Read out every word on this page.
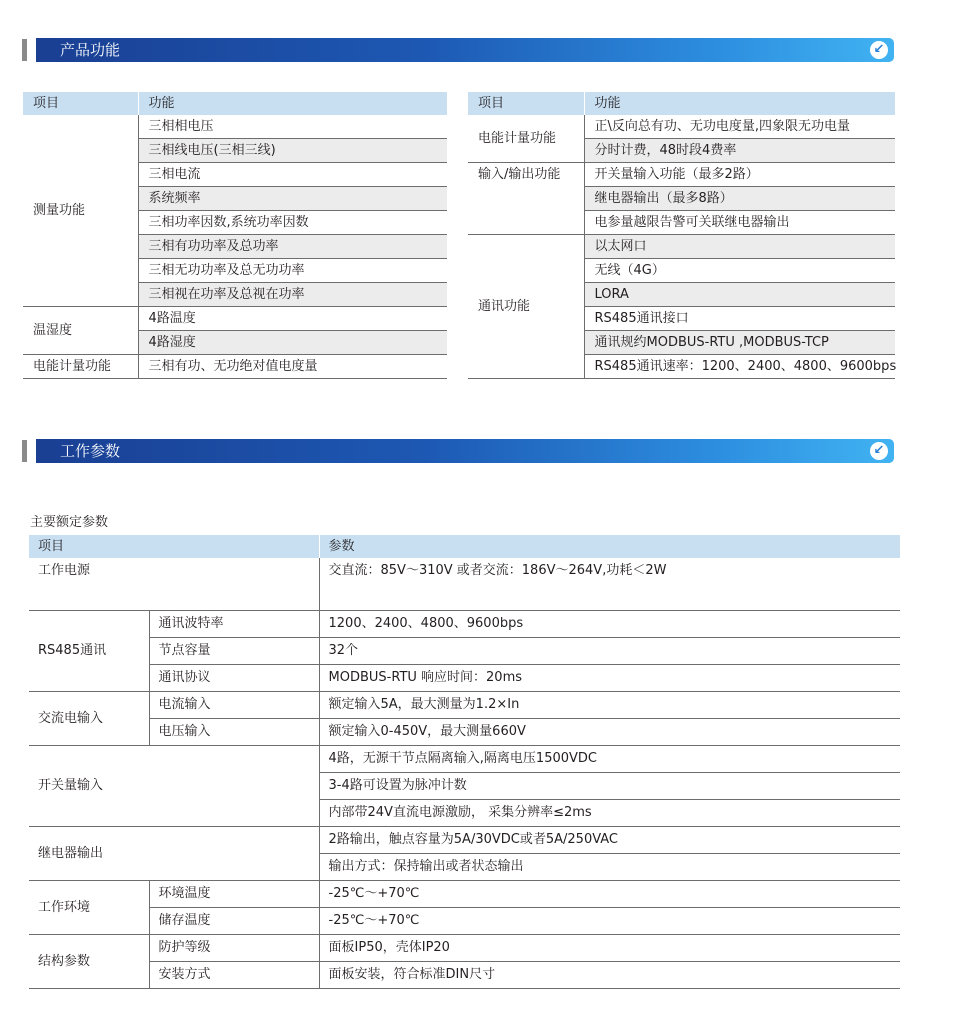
产品功能	↙
项目	功能
测量功能	三相相电压
	三相线电压(三相三线)
	三相电流
	系统频率
	三相功率因数,系统功率因数
	三相有功功率及总功率
	三相无功功率及总无功功率
	三相视在功率及总视在功率
温湿度	4路温度
	4路湿度
电能计量功能	三相有功、无功绝对值电度量
项目	功能
电能计量功能	正\反向总有功、无功电度量,四象限无功电量
	分时计费，48时段4费率
输入/输出功能	开关量输入功能（最多2路）
	继电器输出（最多8路）
	电参量越限告警可关联继电器输出
通讯功能	以太网口
	无线（4G）
	LORA
	RS485通讯接口
	通讯规约MODBUS-RTU ,MODBUS-TCP
	RS485通讯速率：1200、2400、4800、9600bps
工作参数	↙
主要额定参数
项目		参数
工作电源		交直流：85V～310V 或者交流：186V～264V,功耗＜2W
RS485通讯	通讯波特率	1200、2400、4800、9600bps
	节点容量	32个
	通讯协议	MODBUS-RTU 响应时间：20ms
交流电输入	电流输入	额定输入5A，最大测量为1.2×In
	电压输入	额定输入0-450V，最大测量660V
开关量输入		4路，无源干节点隔离输入,隔离电压1500VDC
		3-4路可设置为脉冲计数
		内部带24V直流电源激励， 采集分辨率≤2ms
继电器输出		2路输出，触点容量为5A/30VDC或者5A/250VAC
		输出方式：保持输出或者状态输出
工作环境	环境温度	-25℃～+70℃
	储存温度	-25℃～+70℃
结构参数	防护等级	面板IP50，壳体IP20
	安装方式	面板安装，符合标准DIN尺寸
